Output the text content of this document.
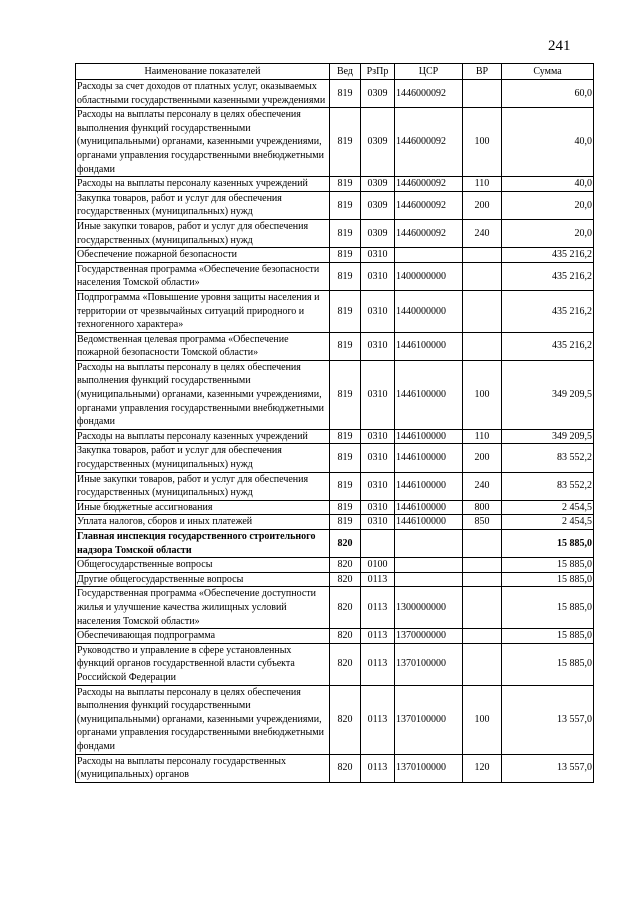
241
Наименование показателей	Вед	РзПр	ЦСР	ВР	Сумма
Расходы за счет доходов от платных услуг, оказываемых областными государственными казенными учреждениями	819	0309	1446000092		60,0
Расходы на выплаты персоналу в целях обеспечения выполнения функций государственными (муниципальными) органами, казенными учреждениями, органами управления государственными внебюджетными фондами	819	0309	1446000092	100	40,0
Расходы на выплаты персоналу казенных учреждений	819	0309	1446000092	110	40,0
Закупка товаров, работ и услуг для обеспечения государственных (муниципальных) нужд	819	0309	1446000092	200	20,0
Иные закупки товаров, работ и услуг для обеспечения государственных (муниципальных) нужд	819	0309	1446000092	240	20,0
Обеспечение пожарной безопасности	819	0310			435 216,2
Государственная программа «Обеспечение безопасности населения Томской области»	819	0310	1400000000		435 216,2
Подпрограмма «Повышение уровня защиты населения и территории от чрезвычайных ситуаций природного и техногенного характера»	819	0310	1440000000		435 216,2
Ведомственная целевая программа «Обеспечение пожарной безопасности Томской области»	819	0310	1446100000		435 216,2
Расходы на выплаты персоналу в целях обеспечения выполнения функций государственными (муниципальными) органами, казенными учреждениями, органами управления государственными внебюджетными фондами	819	0310	1446100000	100	349 209,5
Расходы на выплаты персоналу казенных учреждений	819	0310	1446100000	110	349 209,5
Закупка товаров, работ и услуг для обеспечения государственных (муниципальных) нужд	819	0310	1446100000	200	83 552,2
Иные закупки товаров, работ и услуг для обеспечения государственных (муниципальных) нужд	819	0310	1446100000	240	83 552,2
Иные бюджетные ассигнования	819	0310	1446100000	800	2 454,5
Уплата налогов, сборов и иных платежей	819	0310	1446100000	850	2 454,5
Главная инспекция государственного строительного надзора Томской области	820				15 885,0
Общегосударственные вопросы	820	0100			15 885,0
Другие общегосударственные вопросы	820	0113			15 885,0
Государственная программа «Обеспечение доступности жилья и улучшение качества жилищных условий населения Томской области»	820	0113	1300000000		15 885,0
Обеспечивающая подпрограмма	820	0113	1370000000		15 885,0
Руководство и управление в сфере установленных функций органов государственной власти субъекта Российской Федерации	820	0113	1370100000		15 885,0
Расходы на выплаты персоналу в целях обеспечения выполнения функций государственными (муниципальными) органами, казенными учреждениями, органами управления государственными внебюджетными фондами	820	0113	1370100000	100	13 557,0
Расходы на выплаты персоналу государственных (муниципальных) органов	820	0113	1370100000	120	13 557,0
